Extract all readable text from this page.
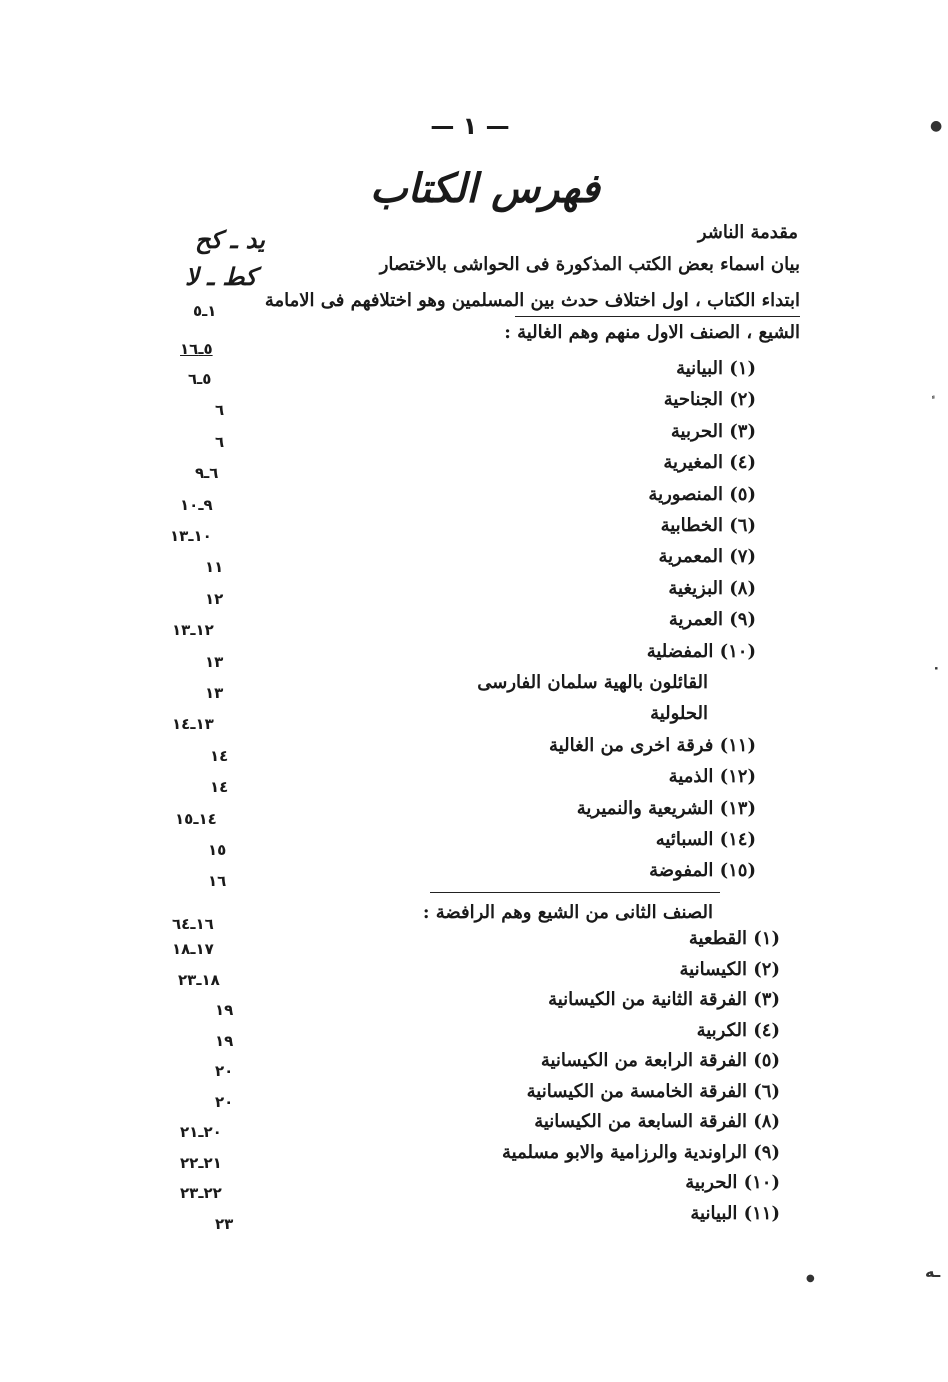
— ١ —
فهرس الكتاب
مقدمة الناشر
يد ـ كح
بيان اسماء بعض الكتب المذكورة فى الحواشى بالاختصار
كط ـ لا
ابتداء الكتاب ، اول اختلاف حدث بين المسلمين وهو اختلافهم فى الامامة
١ـ٥
الشيع ، الصنف الاول منهم وهم الغالية :
٥ـ١٦
(١) البيانية
٥ـ٦
(٢) الجناحية
٦
(٣) الحربية
٦
(٤) المغيرية
٦ـ٩
(٥) المنصورية
٩ـ١٠
(٦) الخطابية
١٠ـ١٣
(٧) المعمرية
١١
(٨) البزيغية
١٢
(٩) العمرية
١٢ـ١٣
(١٠) المفضلية
١٣
القائلون بالهية سلمان الفارسى
١٣
الحلولية
١٣ـ١٤
(١١) فرقة اخرى من الغالية
١٤
(١٢) الذمية
١٤
(١٣) الشريعية والنميرية
١٤ـ١٥
(١٤) السبائيه
١٥
(١٥) المفوضة
١٦
الصنف الثانى من الشيع وهم الرافضة :
١٦ـ٦٤
(١) القطعية
١٧ـ١٨
(٢) الكيسانية
١٨ـ٢٣
(٣) الفرقة الثانية من الكيسانية
١٩
(٤) الكربية
١٩
(٥) الفرقة الرابعة من الكيسانية
٢٠
(٦) الفرقة الخامسة من الكيسانية
٢٠
(٨) الفرقة السابعة من الكيسانية
٢٠ـ٢١
(٩) الراوندية والرزامية والابو مسلمية
٢١ـ٢٢
(١٠) الحربية
٢٢ـ٢٣
(١١) البيانية
٢٣
●
٠
●	ـه
